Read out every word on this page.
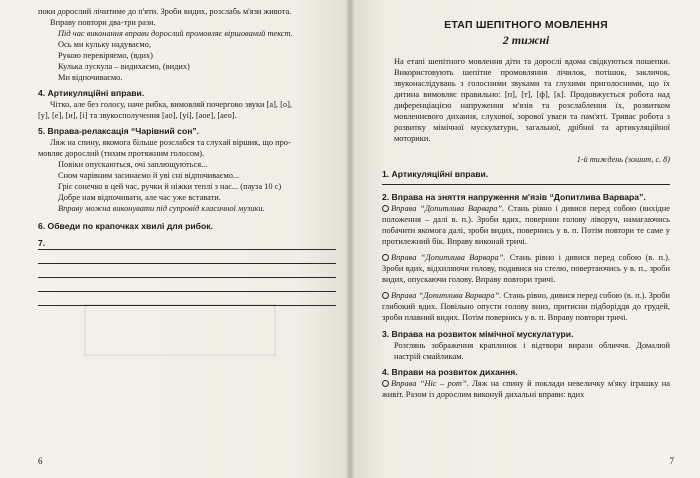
поки дорослий лічитиме до п'яти. Зроби видих, розслабь м'язи живота.

Вправу повтори два-три рази.

Під час виконання вправи дорослий промовляє віршований текст.

Ось ми кульку надуваємо,

Рукою перевіряємо, (вдих)

Кулька лускула – видихаємо, (видих)

Ми відпочиваємо.

4. Артикуляційні вправи.

Чітко, але без голосу, наче рибка, вимовляй почергово звуки [а], [о],

[у], [е], [и], [і] та звукосполучення [ао], [уі], [аое], [аео].

5. Вправа-релаксація “Чарівний сон”.

Ляж на спину, якомога більше розслабся та слухай віршик, що про-

мовляє дорослий (тихим протяжним голосом).

Повіки опускаються, очі заплющуються...

Сном чарівним засинаємо й уві сні відпочиваємо...

Гріє сонечко в цей час, ручки й ніжки теплі з нас... (пауза 10 с)

Добре нам відпочивати, але час уже вставати.

Вправу можна виконувати під супровід класичної музики.

6. Обведи по крапочках хвилі для рибок.
7.
6
ЕТАП ШЕПІТНОГО МОВЛЕННЯ
2 тижні

На етапі шепітного мовлення діти та дорослі вдома свідкуються пошепки. Використовують шепітне промовляння лічилок, потішок, закличок, звуконаслідувань з голосними звуками та глухими приголосними, що їх дитина вимовляє правильно: [п], [т], [ф], [к]. Продовжується робота над диференціацією напруження м'язів та розслаблення їх, розвитком мовленнєвого дихання, слухової, зорової уваги та пам'яті. Триває робота з розвитку мімічної мускулатури, загальної, дрібної та артикуляційної моторики.

1-й тиждень (зошит, с. 8)
1. Артикуляційні вправи.
2. Вправа на зняття напруження м'язів “Допитлива Варвара”.

Вправа “Допитлива Варвара”. Стань рівно і дивися перед собою (вихідне положення – далі в. п.). Зроби вдих, повернии голову ліворуч, намагаючись побачити якомога далі, зроби видих, повернись у в. п. Потім повтори те саме у протилежний бік. Вправу виконай тричі.

Вправа “Допитлива Варвара”. Стань рівно і дивися перед собою (в. п.). Зроби вдих, відхиляючи голову, подивися на стелю, повертаючись у в. п., зроби видих, опускаючи голову. Вправу повтори тричі.

Вправа “Допитлива Варвара”. Стань рівно, дивися перед собою (в. п.). Зроби глибокий вдих. Повільно опусти голову вниз, притисни підборіддя до грудей, зроби плавний видих. Потім повернись у в. п. Вправу повтори тричі.

3. Вправа на розвиток мімічної мускулатури.

Розглянь зображення краплинок і відтвори вирази обличчя. Домалюй настрій смайликам.

4. Вправи на розвиток дихання.

Вправа “Ніс – рот”. Ляж на спину й поклади невеличку м'яку іграшку на живіт. Разом із дорослим виконуй дихальні вправи: вдих

7
